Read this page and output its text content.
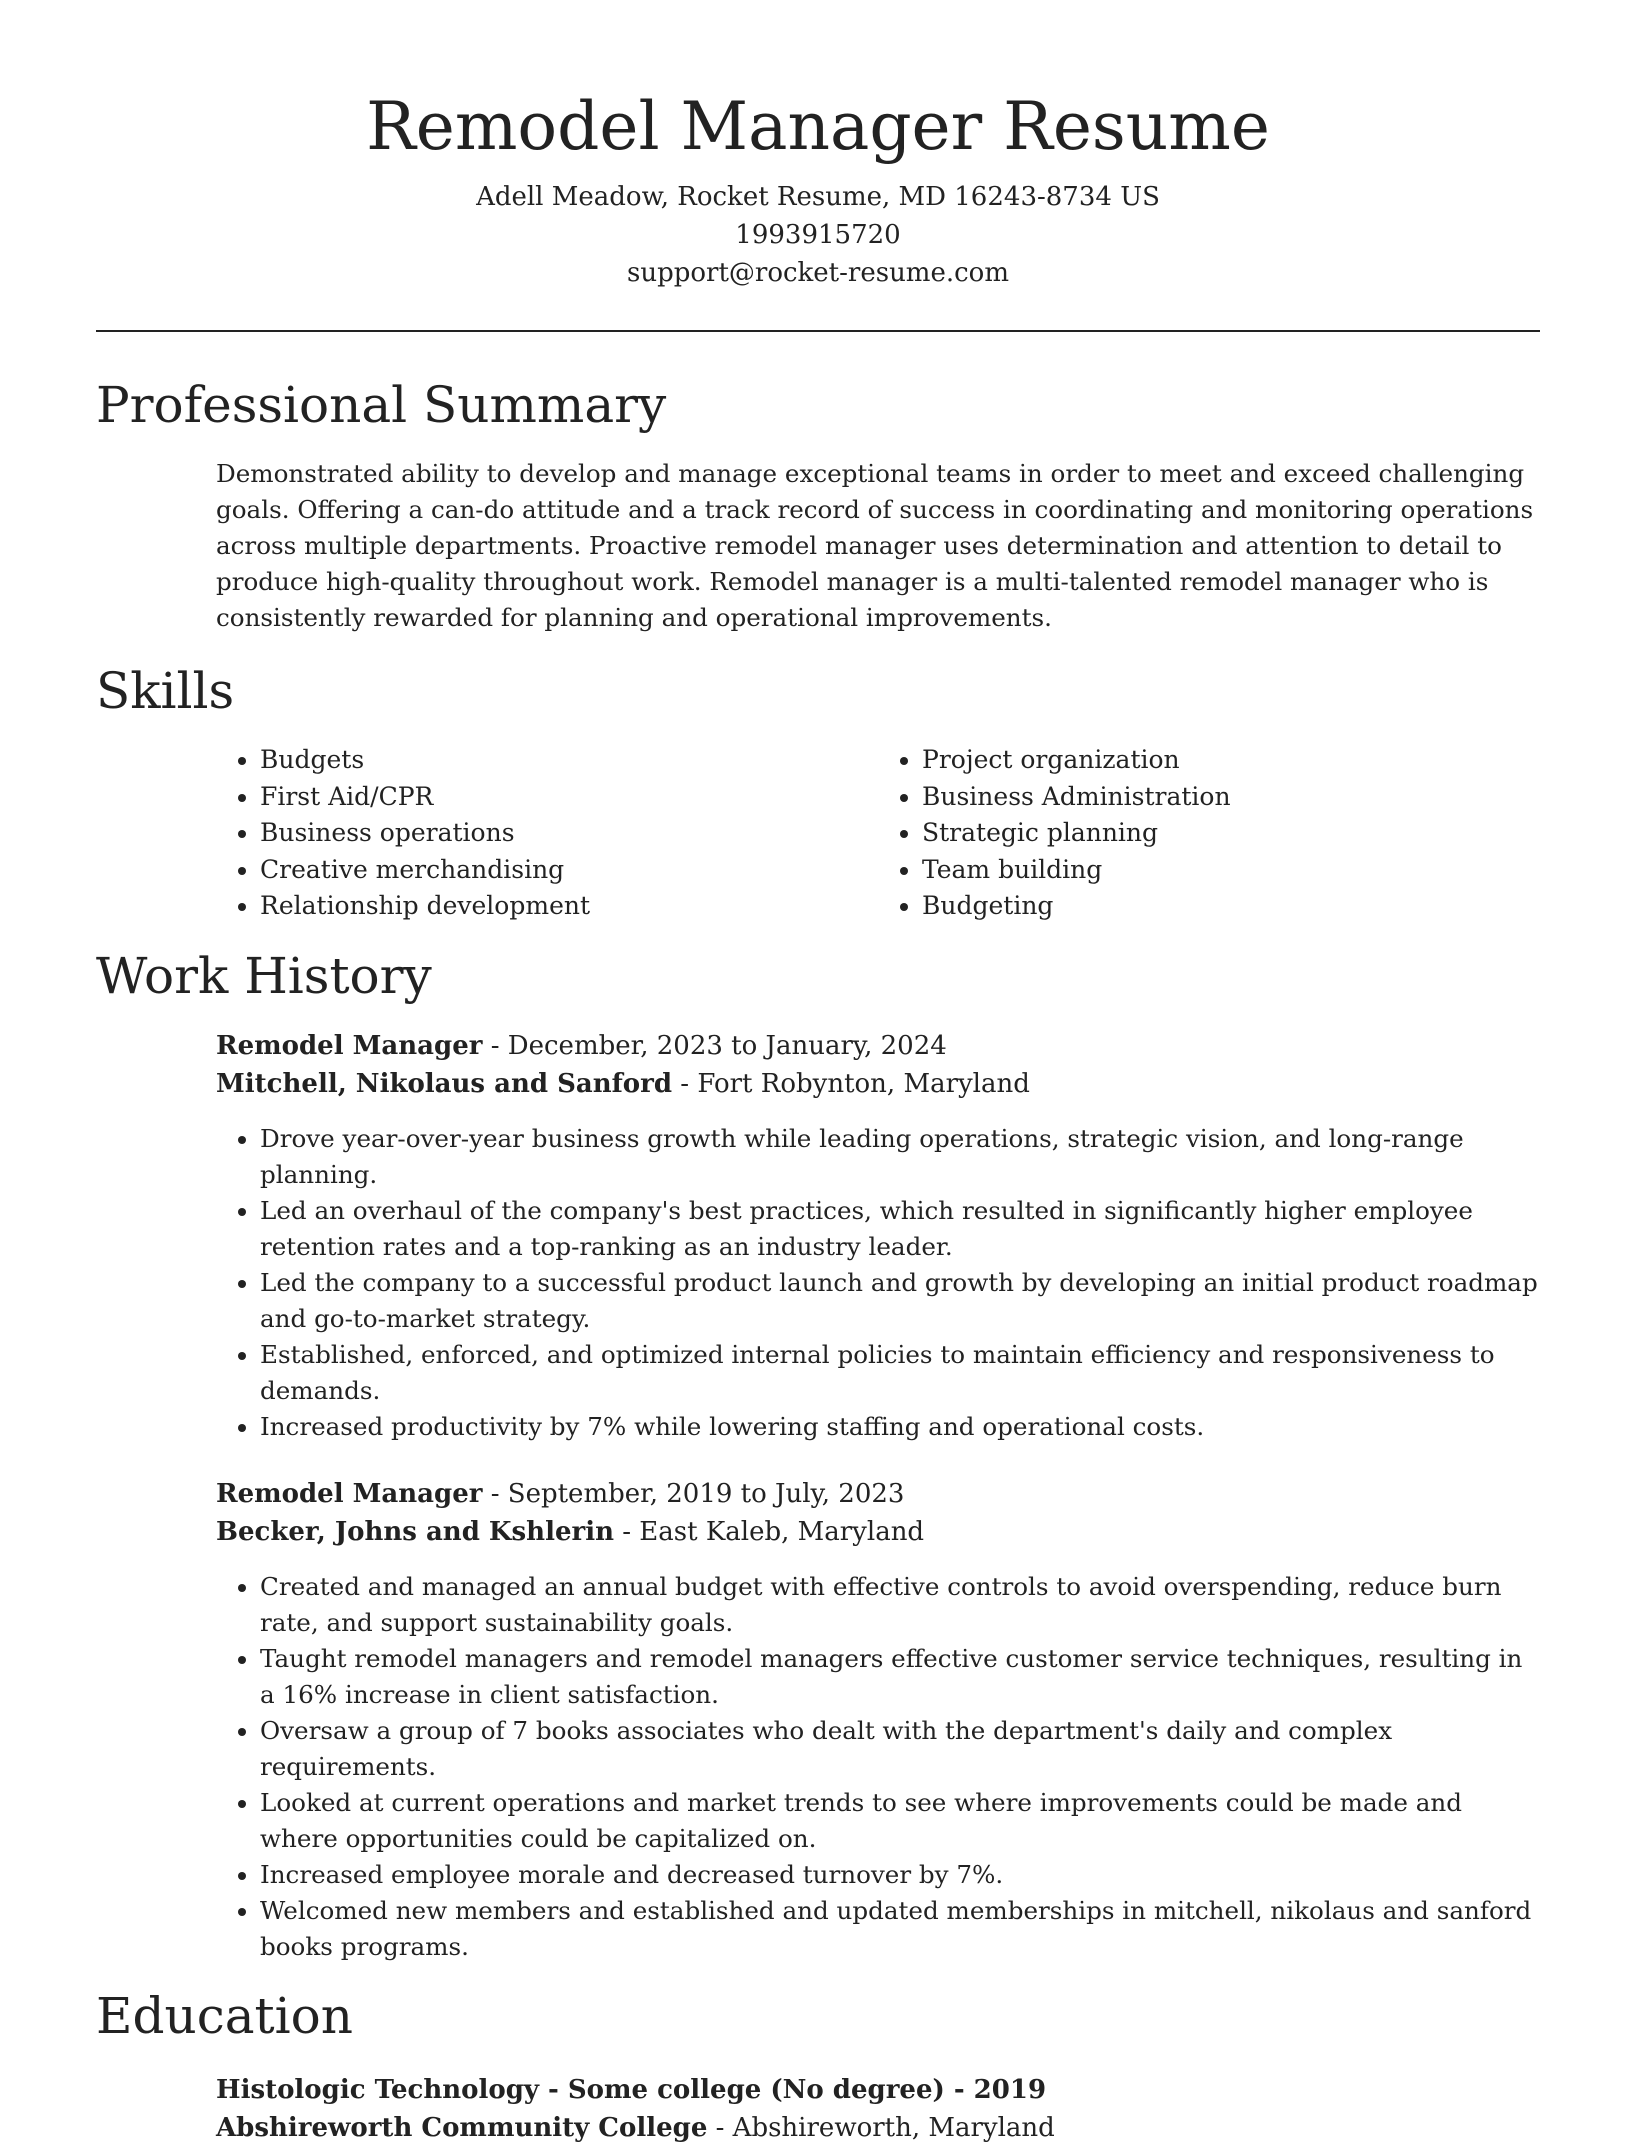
Remodel Manager Resume
Adell Meadow, Rocket Resume, MD 16243-8734 US
1993915720
support@rocket-resume.com
Professional Summary

Demonstrated ability to develop and manage exceptional teams in order to meet and exceed challenging goals. Offering a can-do attitude and a track record of success in coordinating and monitoring operations across multiple departments. Proactive remodel manager uses determination and attention to detail to produce high-quality throughout work. Remodel manager is a multi-talented remodel manager who is consistently rewarded for planning and operational improvements.

Skills
• Budgets
• First Aid/CPR
• Business operations
• Creative merchandising
• Relationship development
• Project organization
• Business Administration
• Strategic planning
• Team building
• Budgeting
Work History
Remodel Manager - December, 2023 to January, 2024
Mitchell, Nikolaus and Sanford - Fort Robynton, Maryland
• Drove year-over-year business growth while leading operations, strategic vision, and long-range planning.
• Led an overhaul of the company's best practices, which resulted in significantly higher employee retention rates and a top-ranking as an industry leader.
• Led the company to a successful product launch and growth by developing an initial product roadmap and go-to-market strategy.
• Established, enforced, and optimized internal policies to maintain efficiency and responsiveness to demands.
• Increased productivity by 7% while lowering staffing and operational costs.
Remodel Manager - September, 2019 to July, 2023
Becker, Johns and Kshlerin - East Kaleb, Maryland
• Created and managed an annual budget with effective controls to avoid overspending, reduce burn rate, and support sustainability goals.
• Taught remodel managers and remodel managers effective customer service techniques, resulting in a 16% increase in client satisfaction.
• Oversaw a group of 7 books associates who dealt with the department's daily and complex requirements.
• Looked at current operations and market trends to see where improvements could be made and where opportunities could be capitalized on.
• Increased employee morale and decreased turnover by 7%.
• Welcomed new members and established and updated memberships in mitchell, nikolaus and sanford books programs.
Education
Histologic Technology - Some college (No degree) - 2019
Abshireworth Community College - Abshireworth, Maryland
